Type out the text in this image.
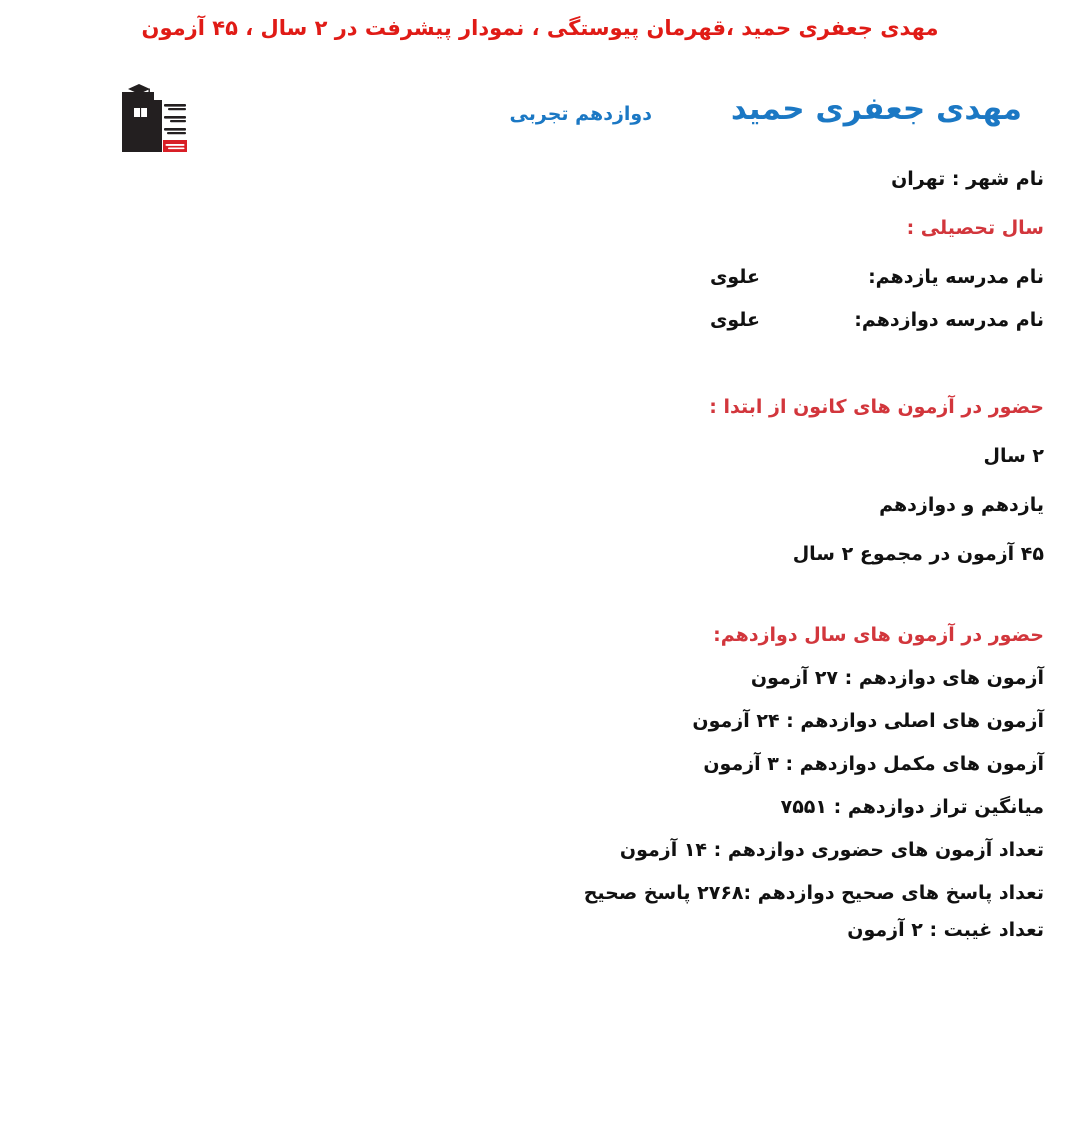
مهدی جعفری حمید ،قهرمان پیوستگی ، نمودار پیشرفت در ۲ سال ، ۴۵ آزمون
مهدی جعفری حمید
دوازدهم تجربی
نام شهر : تهران
سال تحصیلی :
نام مدرسه یازدهم:
علوی
نام مدرسه دوازدهم:
علوی
حضور در آزمون های کانون از ابتدا :
۲ سال
یازدهم و دوازدهم
۴۵ آزمون در مجموع ۲ سال
حضور در آزمون های سال دوازدهم:
آزمون های دوازدهم : ۲۷ آزمون
آزمون های اصلی دوازدهم : ۲۴ آزمون
آزمون های مکمل دوازدهم : ۳ آزمون
میانگین تراز دوازدهم : ۷۵۵۱
تعداد آزمون های حضوری دوازدهم : ۱۴ آزمون
تعداد پاسخ های صحیح دوازدهم :۲۷۶۸ پاسخ صحیح
تعداد غیبت : ۲ آزمون
